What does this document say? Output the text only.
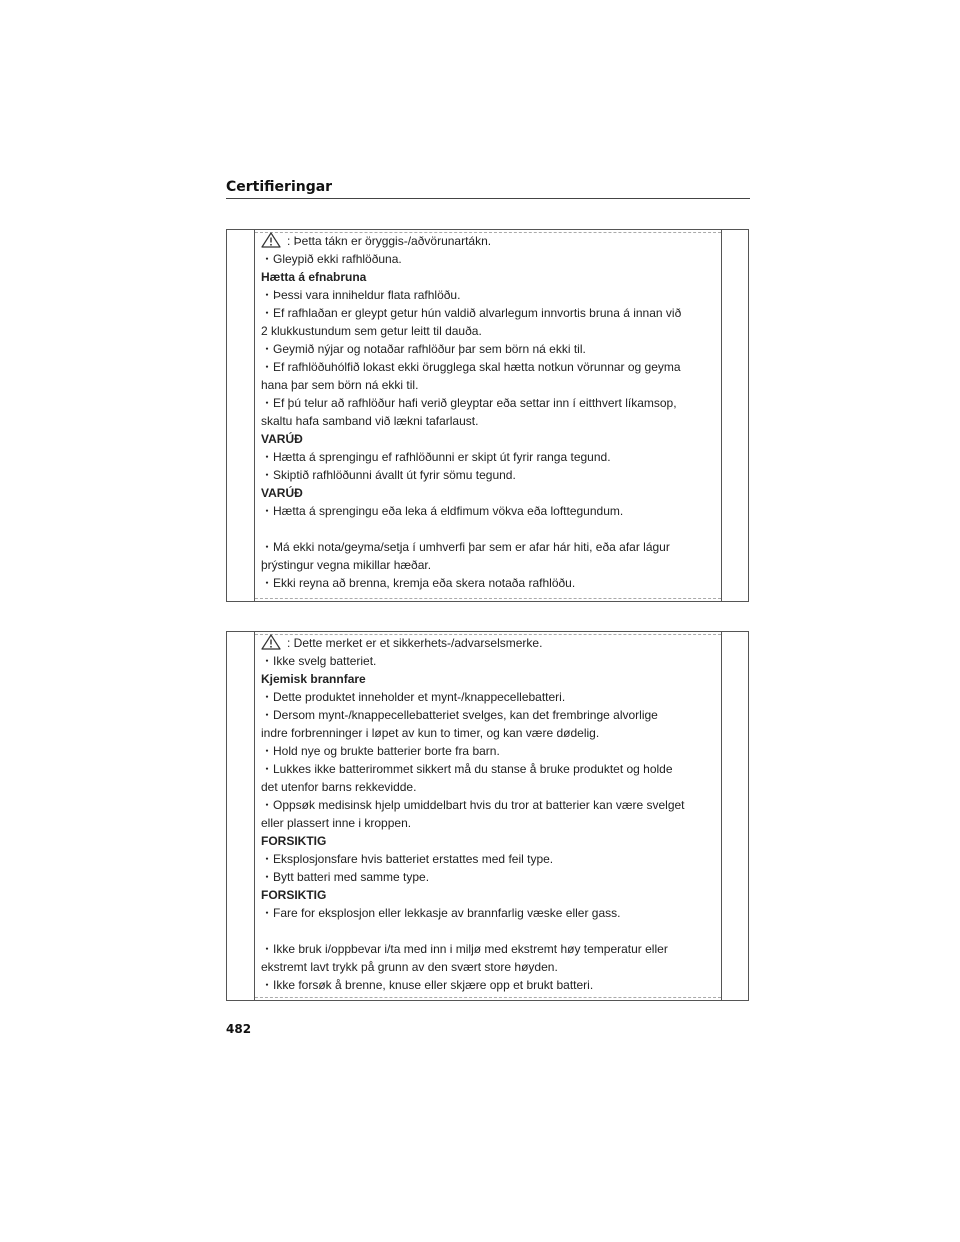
Certifieringar
: Þetta tákn er öryggis-/aðvörunartákn.
・Gleypið ekki rafhlöðuna.
Hætta á efnabruna
・Þessi vara inniheldur flata rafhlöðu.
・Ef rafhlaðan er gleypt getur hún valdið alvarlegum innvortis bruna á innan við
2 klukkustundum sem getur leitt til dauða.
・Geymið nýjar og notaðar rafhlöður þar sem börn ná ekki til.
・Ef rafhlöðuhólfið lokast ekki örugglega skal hætta notkun vörunnar og geyma
hana þar sem börn ná ekki til.
・Ef þú telur að rafhlöður hafi verið gleyptar eða settar inn í eitthvert líkamsop,
skaltu hafa samband við lækni tafarlaust.
VARÚÐ
・Hætta á sprengingu ef rafhlöðunni er skipt út fyrir ranga tegund.
・Skiptið rafhlöðunni ávallt út fyrir sömu tegund.
VARÚÐ
・Hætta á sprengingu eða leka á eldfimum vökva eða lofttegundum.
・Má ekki nota/geyma/setja í umhverfi þar sem er afar hár hiti, eða afar lágur
þrýstingur vegna mikillar hæðar.
・Ekki reyna að brenna, kremja eða skera notaða rafhlöðu.
: Dette merket er et sikkerhets-/advarselsmerke.
・Ikke svelg batteriet.
Kjemisk brannfare
・Dette produktet inneholder et mynt-/knappecellebatteri.
・Dersom mynt-/knappecellebatteriet svelges, kan det frembringe alvorlige
indre forbrenninger i løpet av kun to timer, og kan være dødelig.
・Hold nye og brukte batterier borte fra barn.
・Lukkes ikke batterirommet sikkert må du stanse å bruke produktet og holde
det utenfor barns rekkevidde.
・Oppsøk medisinsk hjelp umiddelbart hvis du tror at batterier kan være svelget
eller plassert inne i kroppen.
FORSIKTIG
・Eksplosjonsfare hvis batteriet erstattes med feil type.
・Bytt batteri med samme type.
FORSIKTIG
・Fare for eksplosjon eller lekkasje av brannfarlig væske eller gass.
・Ikke bruk i/oppbevar i/ta med inn i miljø med ekstremt høy temperatur eller
ekstremt lavt trykk på grunn av den svært store høyden.
・Ikke forsøk å brenne, knuse eller skjære opp et brukt batteri.
482
